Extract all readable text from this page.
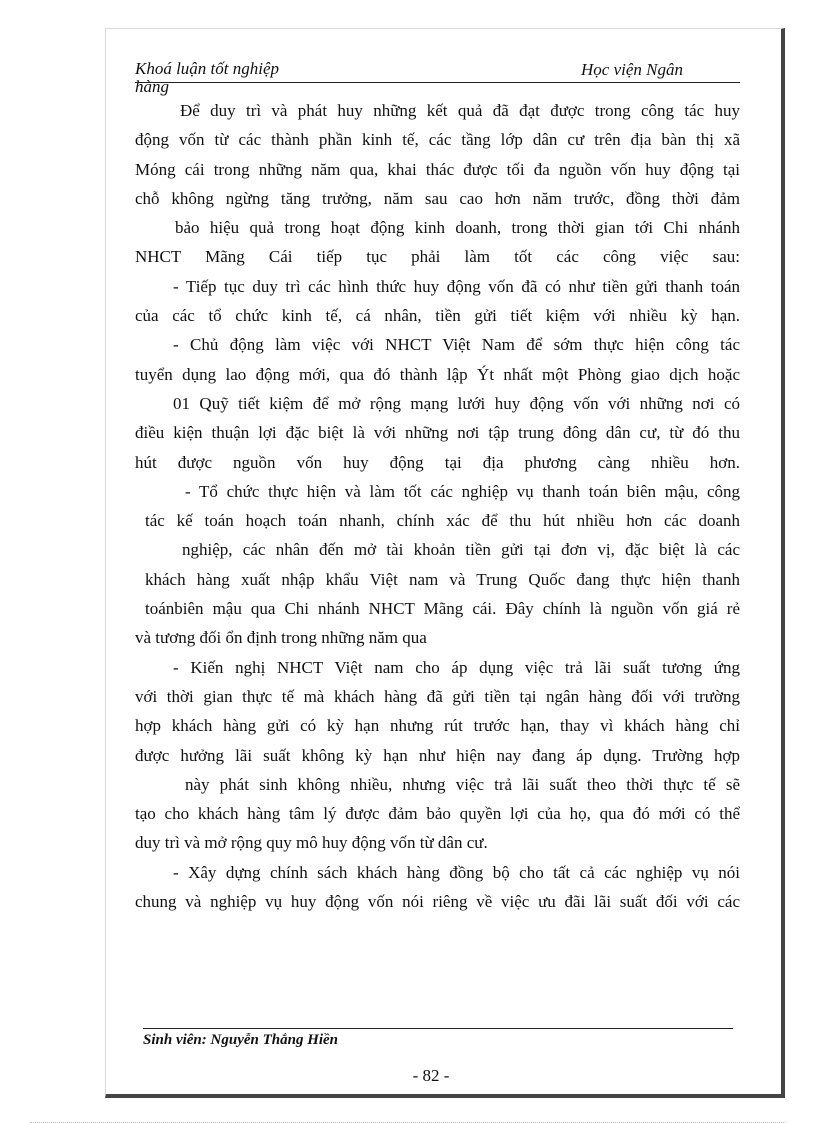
Khoá luận tốt nghiệp hàng
Học viện Ngân
Để duy trì và phát huy những kết quả đã đạt được trong công tác huy
động vốn từ các thành phần kinh tế, các tầng lớp dân cư trên địa bàn thị xã
Móng cái trong những năm qua, khai thác được tối đa nguồn vốn huy động tại
chỗ không ngừng tăng trưởng, năm sau cao hơn năm trước, đồng thời đảm
bảo hiệu quả trong hoạt động kinh doanh, trong thời gian tới Chi nhánh
NHCT Mãng Cái tiếp tục phải làm tốt các công việc sau:
- Tiếp tục duy trì các hình thức huy động vốn đã có như tiền gửi thanh toán
của các tổ chức kinh tế, cá nhân, tiền gửi tiết kiệm với nhiều kỳ hạn.
- Chủ động làm việc với NHCT Việt Nam để sớm thực hiện công tác
tuyển dụng lao động mới, qua đó thành lập Ýt nhất một Phòng giao dịch hoặc
01 Quỹ tiết kiệm để mở rộng mạng lưới huy động vốn với những nơi có
điều kiện thuận lợi đặc biệt là với những nơi tập trung đông dân cư, từ đó thu
hút được nguồn vốn huy động tại địa phương càng nhiều hơn.
- Tổ chức thực hiện và làm tốt các nghiệp vụ thanh toán biên mậu, công
tác kế toán hoạch toán nhanh, chính xác để thu hút nhiều hơn các doanh
nghiệp, các nhân đến mở tài khoản tiền gửi tại đơn vị, đặc biệt là các
khách hàng xuất nhập khẩu Việt nam và Trung Quốc đang thực hiện thanh
toánbiên mậu qua Chi nhánh NHCT Mãng cái. Đây chính là nguồn vốn giá rẻ
và tương đối ổn định trong những năm qua
- Kiến nghị NHCT Việt nam cho áp dụng việc trả lãi suất tương ứng
với thời gian thực tế mà khách hàng đã gửi tiền tại ngân hàng đối với trường
hợp khách hàng gửi có kỳ hạn nhưng rút trước hạn, thay vì khách hàng chỉ
được hưởng lãi suất không kỳ hạn như hiện nay đang áp dụng. Trường hợp
này phát sinh không nhiều, nhưng việc trả lãi suất theo thời thực tế sẽ
tạo cho khách hàng tâm lý được đảm bảo quyền lợi của họ, qua đó mới có thể
duy trì và mở rộng quy mô huy động vốn từ dân cư.
- Xây dựng chính sách khách hàng đồng bộ cho tất cả các nghiệp vụ nói
chung và nghiệp vụ huy động vốn nói riêng về việc ưu đãi lãi suất đối với các
Sinh viên: Nguyễn Thắng Hiền
- 82 -
